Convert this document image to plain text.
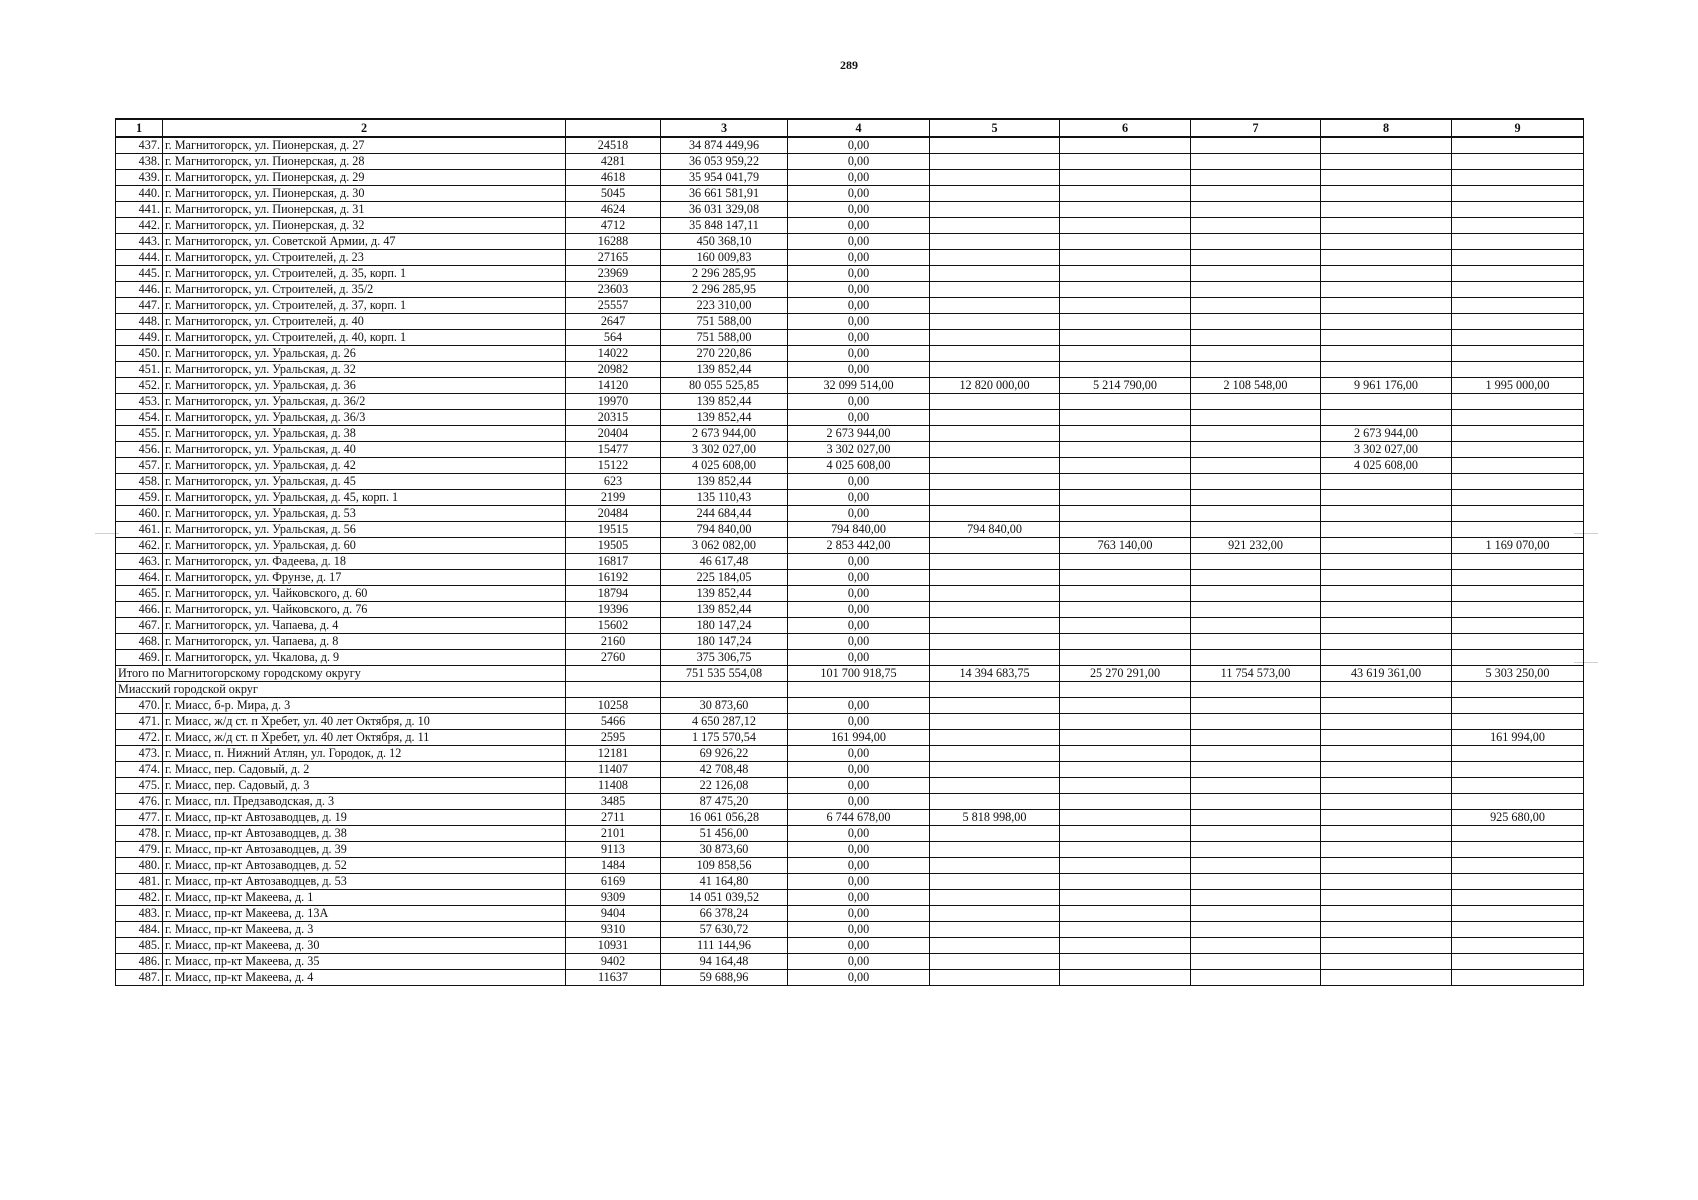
289
1	2		3	4	5	6	7	8	9
437.	г. Магнитогорск, ул. Пионерская, д. 27	24518	34 874 449,96	0,00					
438.	г. Магнитогорск, ул. Пионерская, д. 28	4281	36 053 959,22	0,00					
439.	г. Магнитогорск, ул. Пионерская, д. 29	4618	35 954 041,79	0,00					
440.	г. Магнитогорск, ул. Пионерская, д. 30	5045	36 661 581,91	0,00					
441.	г. Магнитогорск, ул. Пионерская, д. 31	4624	36 031 329,08	0,00					
442.	г. Магнитогорск, ул. Пионерская, д. 32	4712	35 848 147,11	0,00					
443.	г. Магнитогорск, ул. Советской Армии, д. 47	16288	450 368,10	0,00					
444.	г. Магнитогорск, ул. Строителей, д. 23	27165	160 009,83	0,00					
445.	г. Магнитогорск, ул. Строителей, д. 35, корп. 1	23969	2 296 285,95	0,00					
446.	г. Магнитогорск, ул. Строителей, д. 35/2	23603	2 296 285,95	0,00					
447.	г. Магнитогорск, ул. Строителей, д. 37, корп. 1	25557	223 310,00	0,00					
448.	г. Магнитогорск, ул. Строителей, д. 40	2647	751 588,00	0,00					
449.	г. Магнитогорск, ул. Строителей, д. 40, корп. 1	564	751 588,00	0,00					
450.	г. Магнитогорск, ул. Уральская, д. 26	14022	270 220,86	0,00					
451.	г. Магнитогорск, ул. Уральская, д. 32	20982	139 852,44	0,00					
452.	г. Магнитогорск, ул. Уральская, д. 36	14120	80 055 525,85	32 099 514,00	12 820 000,00	5 214 790,00	2 108 548,00	9 961 176,00	1 995 000,00
453.	г. Магнитогорск, ул. Уральская, д. 36/2	19970	139 852,44	0,00					
454.	г. Магнитогорск, ул. Уральская, д. 36/3	20315	139 852,44	0,00					
455.	г. Магнитогорск, ул. Уральская, д. 38	20404	2 673 944,00	2 673 944,00				2 673 944,00	
456.	г. Магнитогорск, ул. Уральская, д. 40	15477	3 302 027,00	3 302 027,00				3 302 027,00	
457.	г. Магнитогорск, ул. Уральская, д. 42	15122	4 025 608,00	4 025 608,00				4 025 608,00	
458.	г. Магнитогорск, ул. Уральская, д. 45	623	139 852,44	0,00					
459.	г. Магнитогорск, ул. Уральская, д. 45, корп. 1	2199	135 110,43	0,00					
460.	г. Магнитогорск, ул. Уральская, д. 53	20484	244 684,44	0,00					
461.	г. Магнитогорск, ул. Уральская, д. 56	19515	794 840,00	794 840,00	794 840,00				
462.	г. Магнитогорск, ул. Уральская, д. 60	19505	3 062 082,00	2 853 442,00		763 140,00	921 232,00		1 169 070,00
463.	г. Магнитогорск, ул. Фадеева, д. 18	16817	46 617,48	0,00					
464.	г. Магнитогорск, ул. Фрунзе, д. 17	16192	225 184,05	0,00					
465.	г. Магнитогорск, ул. Чайковского, д. 60	18794	139 852,44	0,00					
466.	г. Магнитогорск, ул. Чайковского, д. 76	19396	139 852,44	0,00					
467.	г. Магнитогорск, ул. Чапаева, д. 4	15602	180 147,24	0,00					
468.	г. Магнитогорск, ул. Чапаева, д. 8	2160	180 147,24	0,00					
469.	г. Магнитогорск, ул. Чкалова, д. 9	2760	375 306,75	0,00					
Итого по Магнитогорскому городскому округу			751 535 554,08	101 700 918,75	14 394 683,75	25 270 291,00	11 754 573,00	43 619 361,00	5 303 250,00
Миасский городской округ									
470.	г. Миасс, б-р. Мира, д. 3	10258	30 873,60	0,00					
471.	г. Миасс, ж/д ст. п Хребет, ул. 40 лет Октября, д. 10	5466	4 650 287,12	0,00					
472.	г. Миасс, ж/д ст. п Хребет, ул. 40 лет Октября, д. 11	2595	1 175 570,54	161 994,00					161 994,00
473.	г. Миасс, п. Нижний Атлян, ул. Городок, д. 12	12181	69 926,22	0,00					
474.	г. Миасс, пер. Садовый, д. 2	11407	42 708,48	0,00					
475.	г. Миасс, пер. Садовый, д. 3	11408	22 126,08	0,00					
476.	г. Миасс, пл. Предзаводская, д. 3	3485	87 475,20	0,00					
477.	г. Миасс, пр-кт Автозаводцев, д. 19	2711	16 061 056,28	6 744 678,00	5 818 998,00				925 680,00
478.	г. Миасс, пр-кт Автозаводцев, д. 38	2101	51 456,00	0,00					
479.	г. Миасс, пр-кт Автозаводцев, д. 39	9113	30 873,60	0,00					
480.	г. Миасс, пр-кт Автозаводцев, д. 52	1484	109 858,56	0,00					
481.	г. Миасс, пр-кт Автозаводцев, д. 53	6169	41 164,80	0,00					
482.	г. Миасс, пр-кт Макеева, д. 1	9309	14 051 039,52	0,00					
483.	г. Миасс, пр-кт Макеева, д. 13А	9404	66 378,24	0,00					
484.	г. Миасс, пр-кт Макеева, д. 3	9310	57 630,72	0,00					
485.	г. Миасс, пр-кт Макеева, д. 30	10931	111 144,96	0,00					
486.	г. Миасс, пр-кт Макеева, д. 35	9402	94 164,48	0,00					
487.	г. Миасс, пр-кт Макеева, д. 4	11637	59 688,96	0,00					
